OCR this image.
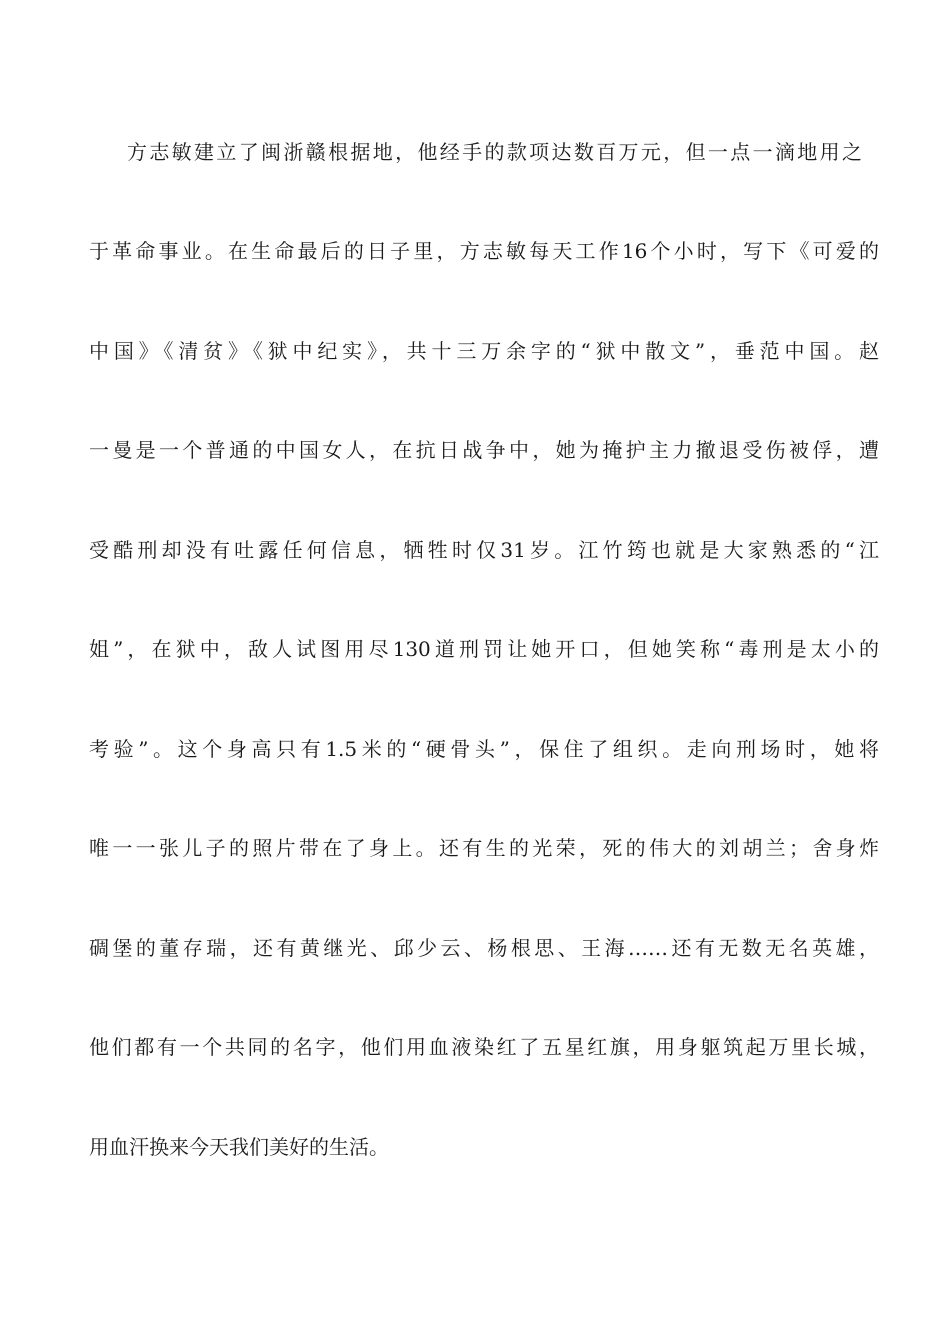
方志敏建立了闽浙赣根据地，他经手的款项达数百万元，但一点一滴地用之
于革命事业。在生命最后的日子里，方志敏每天工作16个小时，写下《可爱的
中国》《清贫》《狱中纪实》，共十三万余字的“狱中散文”，垂范中国。赵
一曼是一个普通的中国女人，在抗日战争中，她为掩护主力撤退受伤被俘，遭
受酷刑却没有吐露任何信息，牺牲时仅31岁。江竹筠也就是大家熟悉的“江
姐”，在狱中，敌人试图用尽130道刑罚让她开口，但她笑称“毒刑是太小的
考验”。这个身高只有1.5米的“硬骨头”，保住了组织。走向刑场时，她将
唯一一张儿子的照片带在了身上。还有生的光荣，死的伟大的刘胡兰；舍身炸
碉堡的董存瑞，还有黄继光、邱少云、杨根思、王海……还有无数无名英雄，
他们都有一个共同的名字，他们用血液染红了五星红旗，用身躯筑起万里长城，
用血汗换来今天我们美好的生活。
